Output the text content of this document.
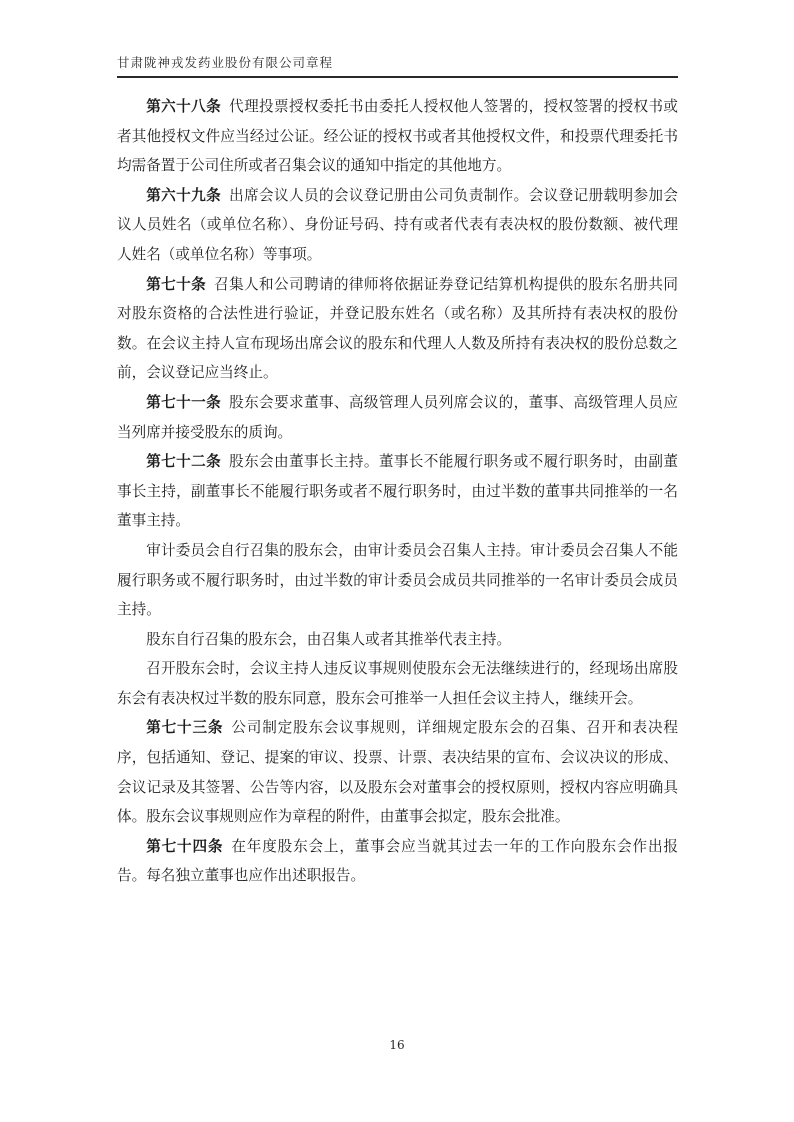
甘肃陇神戎发药业股份有限公司章程

第六十八条 代理投票授权委托书由委托人授权他人签署的，授权签署的授权书或者其他授权文件应当经过公证。经公证的授权书或者其他授权文件，和投票代理委托书均需备置于公司住所或者召集会议的通知中指定的其他地方。

第六十九条 出席会议人员的会议登记册由公司负责制作。会议登记册载明参加会议人员姓名（或单位名称）、身份证号码、持有或者代表有表决权的股份数额、被代理人姓名（或单位名称）等事项。

第七十条 召集人和公司聘请的律师将依据证券登记结算机构提供的股东名册共同对股东资格的合法性进行验证，并登记股东姓名（或名称）及其所持有表决权的股份数。在会议主持人宣布现场出席会议的股东和代理人人数及所持有表决权的股份总数之前，会议登记应当终止。

第七十一条 股东会要求董事、高级管理人员列席会议的，董事、高级管理人员应当列席并接受股东的质询。

第七十二条 股东会由董事长主持。董事长不能履行职务或不履行职务时，由副董事长主持，副董事长不能履行职务或者不履行职务时，由过半数的董事共同推举的一名董事主持。

审计委员会自行召集的股东会，由审计委员会召集人主持。审计委员会召集人不能履行职务或不履行职务时，由过半数的审计委员会成员共同推举的一名审计委员会成员主持。

股东自行召集的股东会，由召集人或者其推举代表主持。

召开股东会时，会议主持人违反议事规则使股东会无法继续进行的，经现场出席股东会有表决权过半数的股东同意，股东会可推举一人担任会议主持人，继续开会。

第七十三条 公司制定股东会议事规则，详细规定股东会的召集、召开和表决程序，包括通知、登记、提案的审议、投票、计票、表决结果的宣布、会议决议的形成、会议记录及其签署、公告等内容，以及股东会对董事会的授权原则，授权内容应明确具体。股东会议事规则应作为章程的附件，由董事会拟定，股东会批准。

第七十四条 在年度股东会上，董事会应当就其过去一年的工作向股东会作出报告。每名独立董事也应作出述职报告。

16
